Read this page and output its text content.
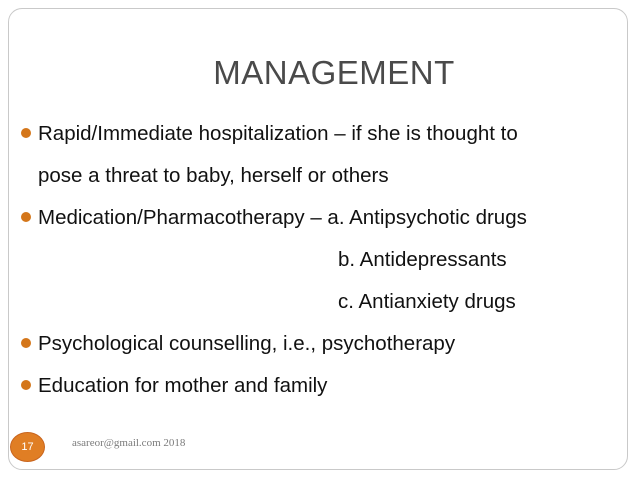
MANAGEMENT
Rapid/Immediate hospitalization – if she is thought to
pose a threat to baby, herself or others
Medication/Pharmacotherapy – a. Antipsychotic drugs
b. Antidepressants
c. Antianxiety drugs
Psychological counselling, i.e., psychotherapy
Education for mother and family
17	asareor@gmail.com 2018
